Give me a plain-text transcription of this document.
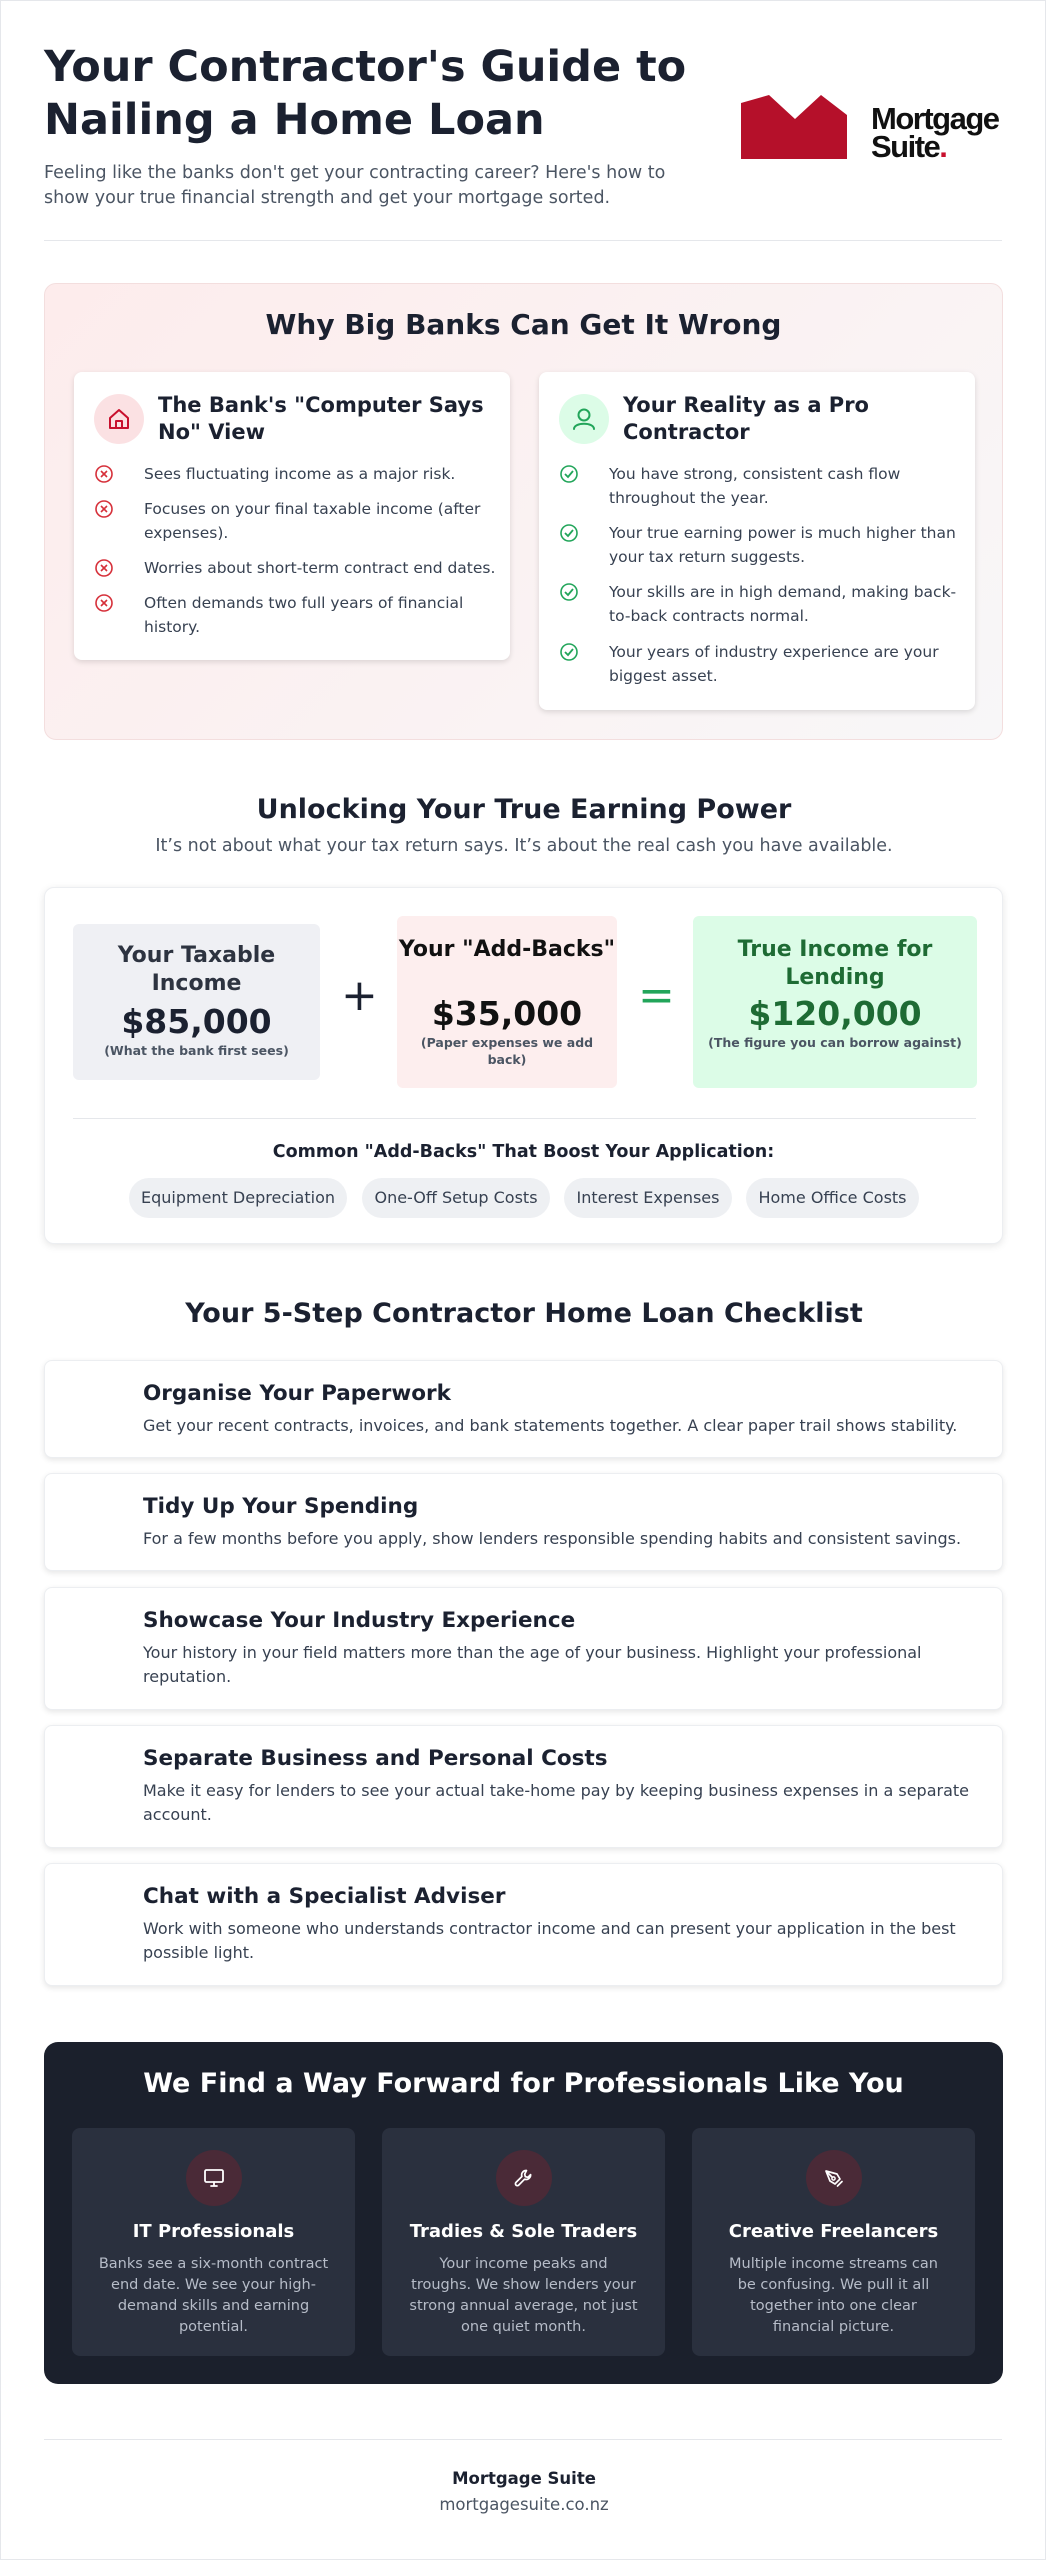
Your Contractor's Guide to Nailing a Home Loan

Feeling like the banks don't get your contracting career? Here's how to show your true financial strength and get your mortgage sorted.

Mortgage
Suite.
Why Big Banks Can Get It Wrong
The Bank's "Computer Says No" View
Sees fluctuating income as a major risk.
Focuses on your final taxable income (after expenses).
Worries about short-term contract end dates.
Often demands two full years of financial history.
Your Reality as a Pro Contractor
You have strong, consistent cash flow throughout the year.
Your true earning power is much higher than your tax return suggests.
Your skills are in high demand, making back-to-back contracts normal.
Your years of industry experience are your biggest asset.
Unlocking Your True Earning Power

It’s not about what your tax return says. It’s about the real cash you have available.

Your Taxable Income
$85,000
(What the bank first sees)
+
Your "Add-Backs"
$35,000
(Paper expenses we add back)
=
True Income for Lending
$120,000
(The figure you can borrow against)
Common "Add-Backs" That Boost Your Application:
Equipment Depreciation	One-Off Setup Costs	Interest Expenses	Home Office Costs
Your 5-Step Contractor Home Loan Checklist
Organise Your Paperwork
Get your recent contracts, invoices, and bank statements together. A clear paper trail shows stability.
Tidy Up Your Spending
For a few months before you apply, show lenders responsible spending habits and consistent savings.
Showcase Your Industry Experience
Your history in your field matters more than the age of your business. Highlight your professional reputation.
Separate Business and Personal Costs
Make it easy for lenders to see your actual take-home pay by keeping business expenses in a separate account.
Chat with a Specialist Adviser
Work with someone who understands contractor income and can present your application in the best possible light.
We Find a Way Forward for Professionals Like You
IT Professionals
Banks see a six-month contract end date. We see your high-demand skills and earning potential.
Tradies & Sole Traders
Your income peaks and troughs. We show lenders your strong annual average, not just one quiet month.
Creative Freelancers
Multiple income streams can be confusing. We pull it all together into one clear financial picture.
Mortgage Suite
mortgagesuite.co.nz
